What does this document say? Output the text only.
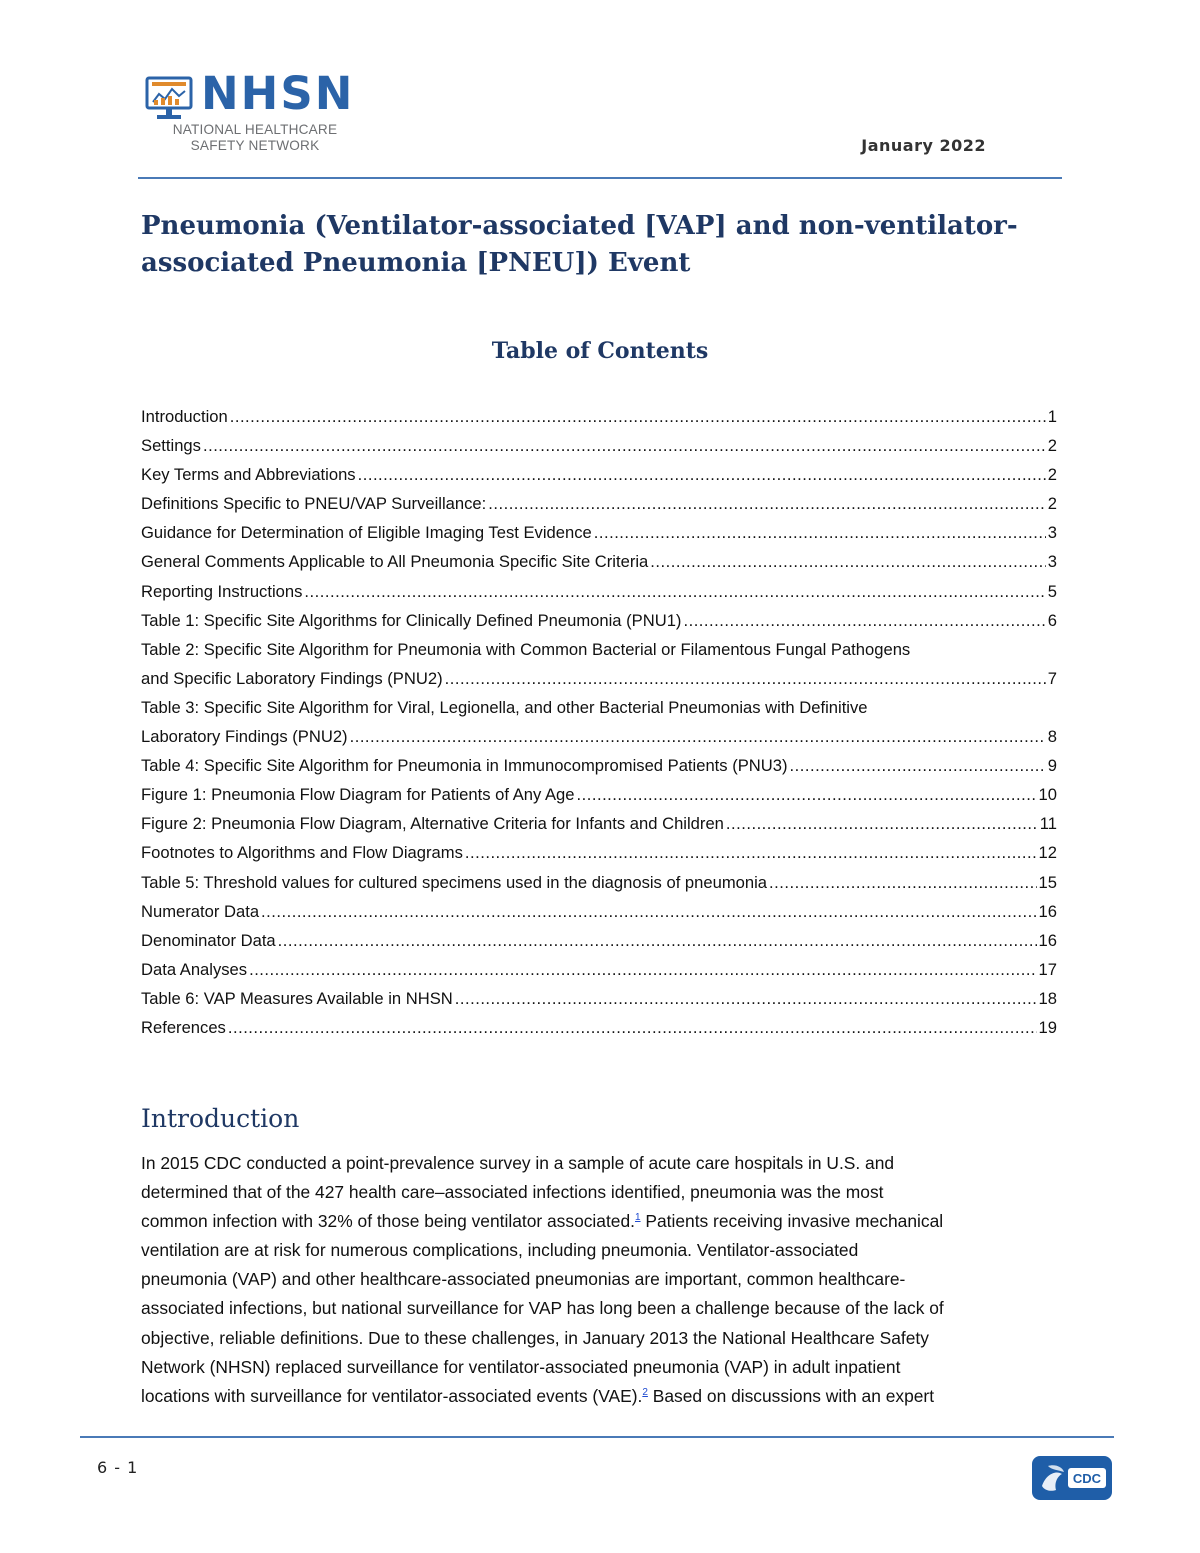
NHSN
NATIONAL HEALTHCARE
SAFETY NETWORK	January 2022
Pneumonia (Ventilator-associated [VAP] and non-ventilator-
associated Pneumonia [PNEU]) Event
Table of Contents
Introduction .....	1
Settings .....	2
Key Terms and Abbreviations .....	2
Definitions Specific to PNEU/VAP Surveillance: .....	2
Guidance for Determination of Eligible Imaging Test Evidence .....	3
General Comments Applicable to All Pneumonia Specific Site Criteria .....	3
Reporting Instructions .....	5
Table 1: Specific Site Algorithms for Clinically Defined Pneumonia (PNU1) .....	6
Table 2: Specific Site Algorithm for Pneumonia with Common Bacterial or Filamentous Fungal Pathogens
and Specific Laboratory Findings (PNU2) .....	7
Table 3: Specific Site Algorithm for Viral, Legionella, and other Bacterial Pneumonias with Definitive
Laboratory Findings (PNU2) .....	8
Table 4: Specific Site Algorithm for Pneumonia in Immunocompromised Patients (PNU3) .....	9
Figure 1: Pneumonia Flow Diagram for Patients of Any Age .....	10
Figure 2: Pneumonia Flow Diagram, Alternative Criteria for Infants and Children .....	11
Footnotes to Algorithms and Flow Diagrams .....	12
Table 5: Threshold values for cultured specimens used in the diagnosis of pneumonia .....	15
Numerator Data .....	16
Denominator Data .....	16
Data Analyses .....	17
Table 6: VAP Measures Available in NHSN .....	18
References .....	19
Introduction

In 2015 CDC conducted a point-prevalence survey in a sample of acute care hospitals in U.S. and
determined that of the 427 health care–associated infections identified, pneumonia was the most
common infection with 32% of those being ventilator associated.$^1$ Patients receiving invasive mechanical
ventilation are at risk for numerous complications, including pneumonia. Ventilator-associated
pneumonia (VAP) and other healthcare-associated pneumonias are important, common healthcare-
associated infections, but national surveillance for VAP has long been a challenge because of the lack of
objective, reliable definitions. Due to these challenges, in January 2013 the National Healthcare Safety
Network (NHSN) replaced surveillance for ventilator-associated pneumonia (VAP) in adult inpatient
locations with surveillance for ventilator-associated events (VAE).$^2$ Based on discussions with an expert

6 - 1
CDC
